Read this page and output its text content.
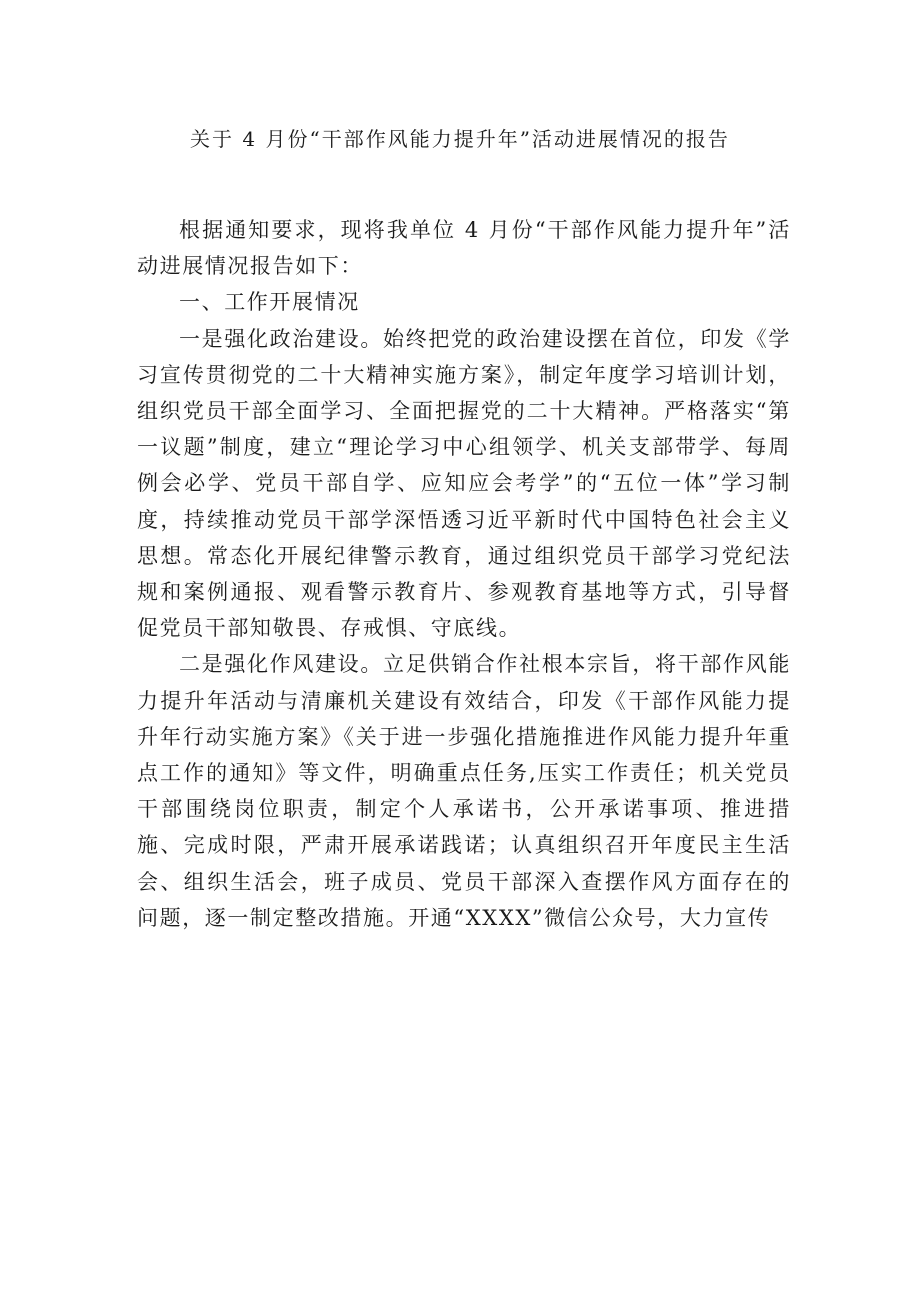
关于 4 月份“干部作风能力提升年”活动进展情况的报告

根据通知要求，现将我单位 4 月份“干部作风能力提升年”活动进展情况报告如下：

一、工作开展情况

一是强化政治建设。始终把党的政治建设摆在首位，印发《学习宣传贯彻党的二十大精神实施方案》，制定年度学习培训计划，组织党员干部全面学习、全面把握党的二十大精神。严格落实“第一议题”制度，建立“理论学习中心组领学、机关支部带学、每周例会必学、党员干部自学、应知应会考学”的“五位一体”学习制度，持续推动党员干部学深悟透习近平新时代中国特色社会主义思想。常态化开展纪律警示教育，通过组织党员干部学习党纪法规和案例通报、观看警示教育片、参观教育基地等方式，引导督促党员干部知敬畏、存戒惧、守底线。

二是强化作风建设。立足供销合作社根本宗旨，将干部作风能力提升年活动与清廉机关建设有效结合，印发《干部作风能力提升年行动实施方案》《关于进一步强化措施推进作风能力提升年重点工作的通知》等文件，明确重点任务,压实工作责任；机关党员干部围绕岗位职责，制定个人承诺书，公开承诺事项、推进措施、完成时限，严肃开展承诺践诺；认真组织召开年度民主生活会、组织生活会，班子成员、党员干部深入查摆作风方面存在的问题，逐一制定整改措施。开通“XXXX”微信公众号，大力宣传
